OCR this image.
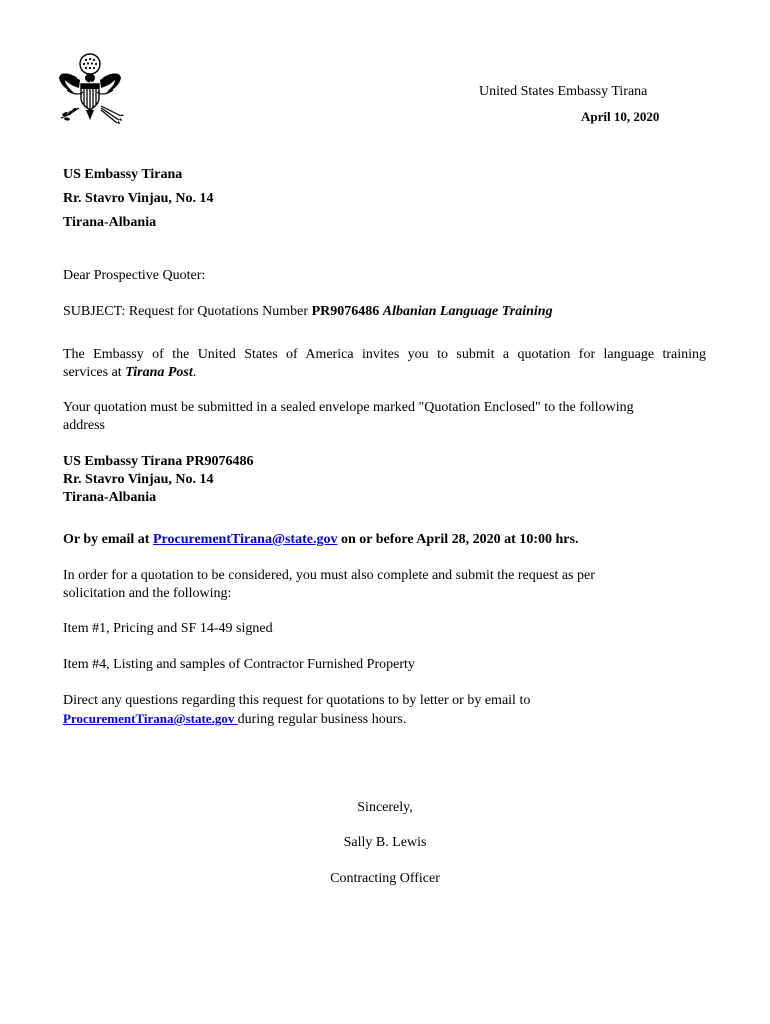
United States Embassy Tirana
April 10, 2020
US Embassy Tirana
Rr. Stavro Vinjau, No. 14
Tirana-Albania
Dear Prospective Quoter:
SUBJECT: Request for Quotations Number PR9076486 Albanian Language Training
The Embassy of the United States of America invites you to submit a quotation for language training
services at Tirana Post.
Your quotation must be submitted in a sealed envelope marked "Quotation Enclosed" to the following
address
US Embassy Tirana PR9076486
Rr. Stavro Vinjau, No. 14
Tirana-Albania
Or by email at ProcurementTirana@state.gov on or before April 28, 2020 at 10:00 hrs.
In order for a quotation to be considered, you must also complete and submit the request as per
solicitation and the following:
Item #1, Pricing and SF 14-49 signed
Item #4, Listing and samples of Contractor Furnished Property
Direct any questions regarding this request for quotations to by letter or by email to
ProcurementTirana@state.gov during regular business hours.
Sincerely,
Sally B. Lewis
Contracting Officer
